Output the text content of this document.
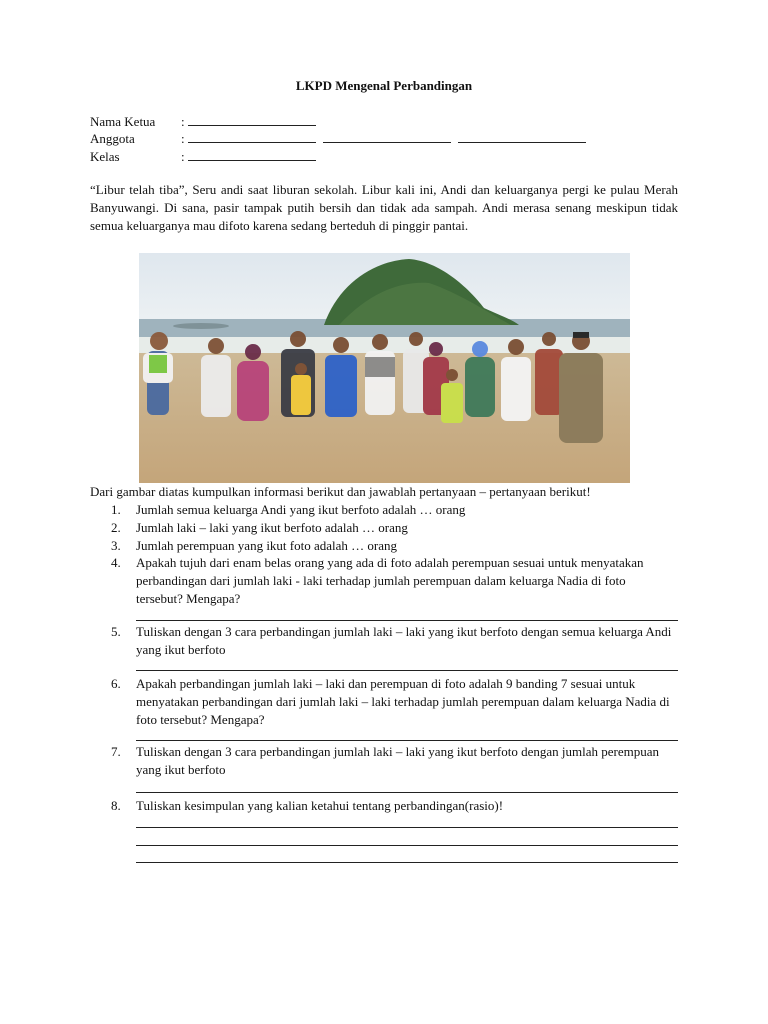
LKPD Mengenal Perbandingan
Nama Ketua :
Anggota	:
Kelas	:
“Libur telah tiba”, Seru andi saat liburan sekolah. Libur kali ini, Andi dan keluarganya pergi ke pulau Merah Banyuwangi. Di sana, pasir tampak putih bersih dan tidak ada sampah. Andi merasa senang meskipun tidak semua keluarganya mau difoto karena sedang berteduh di pinggir pantai.
Dari gambar diatas kumpulkan informasi berikut dan jawablah pertanyaan – pertanyaan berikut!
1.	Jumlah semua keluarga Andi yang ikut berfoto adalah … orang
2.	Jumlah laki – laki yang ikut berfoto adalah … orang
3.	Jumlah perempuan yang ikut foto adalah … orang
4.	Apakah tujuh dari enam belas orang yang ada di foto adalah perempuan sesuai untuk menyatakan perbandingan dari jumlah laki - laki terhadap jumlah perempuan dalam keluarga Nadia di foto tersebut? Mengapa?
5.	Tuliskan dengan 3 cara perbandingan jumlah laki – laki yang ikut berfoto dengan semua keluarga Andi yang ikut berfoto
6.	Apakah perbandingan jumlah laki – laki dan perempuan di foto adalah 9 banding 7 sesuai untuk menyatakan perbandingan dari jumlah laki – laki terhadap jumlah perempuan dalam keluarga Nadia di foto tersebut? Mengapa?
7.	Tuliskan dengan 3 cara perbandingan jumlah laki – laki yang ikut berfoto dengan jumlah perempuan yang ikut berfoto
8.	Tuliskan kesimpulan yang kalian ketahui tentang perbandingan(rasio)!
